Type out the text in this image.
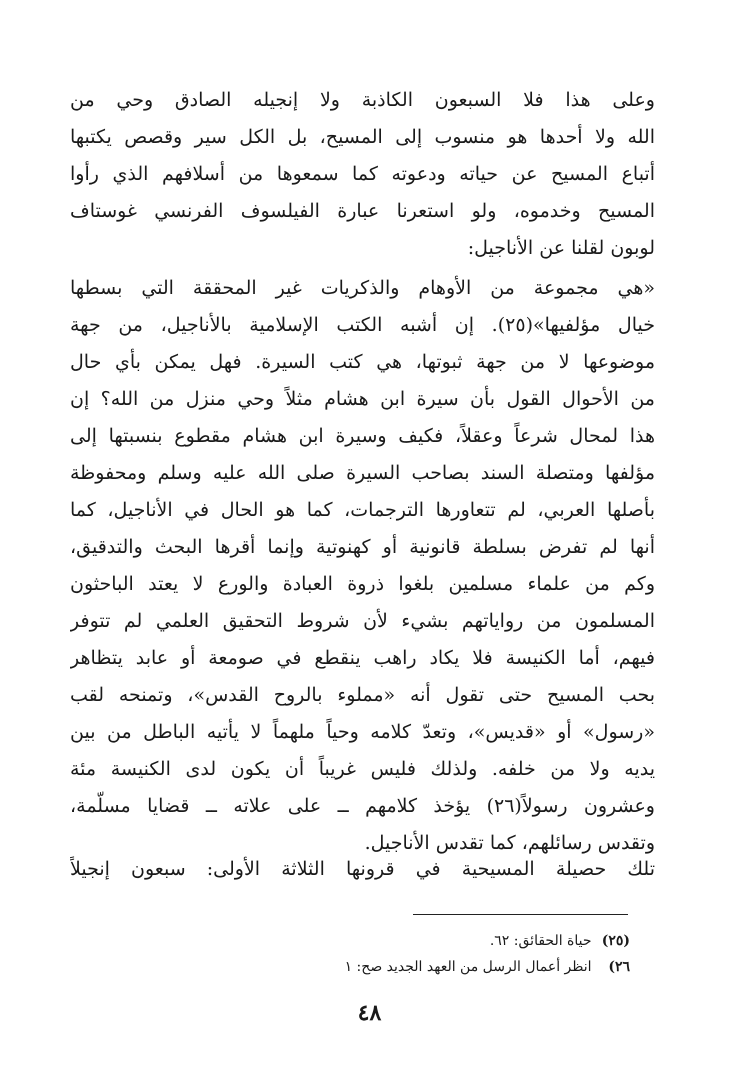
وعلى هذا فلا السبعون الكاذبة ولا إنجيله الصادق وحي من
الله ولا أحدها هو منسوب إلى المسيح، بل الكل سير وقصص يكتبها
أتباع المسيح عن حياته ودعوته كما سمعوها من أسلافهم الذي رأوا
المسيح وخدموه، ولو استعرنا عبارة الفيلسوف الفرنسي غوستاف
لوبون لقلنا عن الأناجيل:
«هي مجموعة من الأوهام والذكريات غير المحققة التي بسطها
خيال مؤلفيها»(٢٥). إن أشبه الكتب الإسلامية بالأناجيل، من جهة
موضوعها لا من جهة ثبوتها، هي كتب السيرة. فهل يمكن بأي حال
من الأحوال القول بأن سيرة ابن هشام مثلاً وحي منزل من الله؟ إن
هذا لمحال شرعاً وعقلاً، فكيف وسيرة ابن هشام مقطوع بنسبتها إلى
مؤلفها ومتصلة السند بصاحب السيرة صلى الله عليه وسلم ومحفوظة
بأصلها العربي، لم تتعاورها الترجمات، كما هو الحال في الأناجيل، كما
أنها لم تفرض بسلطة قانونية أو كهنوتية وإنما أقرها البحث والتدقيق،
وكم من علماء مسلمين بلغوا ذروة العبادة والورع لا يعتد الباحثون
المسلمون من رواياتهم بشيء لأن شروط التحقيق العلمي لم تتوفر
فيهم، أما الكنيسة فلا يكاد راهب ينقطع في صومعة أو عابد يتظاهر
بحب المسيح حتى تقول أنه «مملوء بالروح القدس»، وتمنحه لقب
«رسول» أو «قديس»، وتعدّ كلامه وحياً ملهماً لا يأتيه الباطل من بين
يديه ولا من خلفه. ولذلك فليس غريباً أن يكون لدى الكنيسة مئة
وعشرون رسولاً(٢٦) يؤخذ كلامهم ــ على علاته ــ قضايا مسلّمة،
وتقدس رسائلهم، كما تقدس الأناجيل.
تلك حصيلة المسيحية في قرونها الثلاثة الأولى: سبعون إنجيلاً
(٢٥) حياة الحقائق: ٦٢.
٢٦) انظر أعمال الرسل من العهد الجديد صح: ١
٤٨
